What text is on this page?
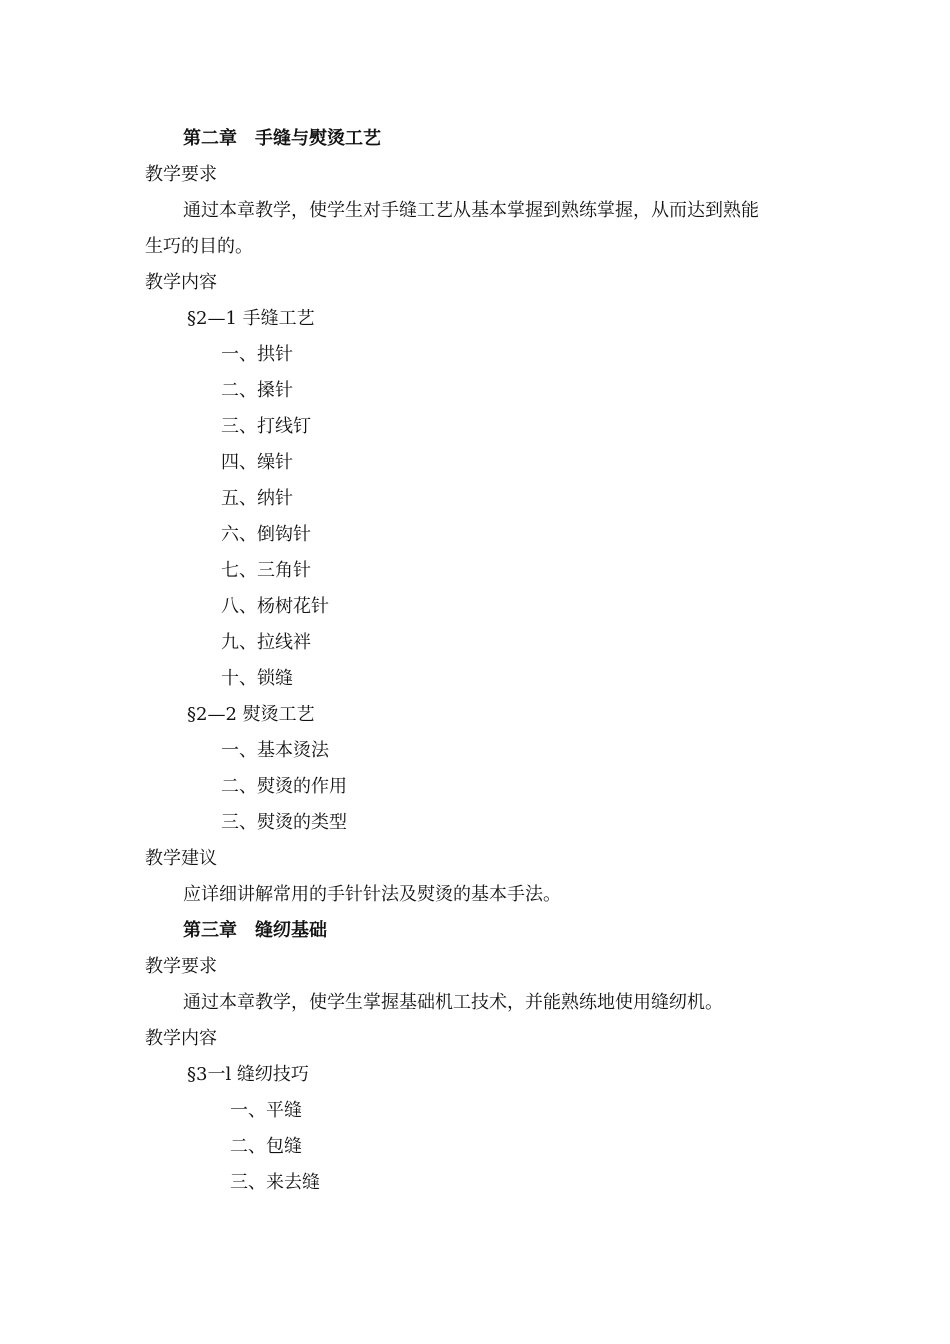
第二章　手缝与熨烫工艺
教学要求
通过本章教学，使学生对手缝工艺从基本掌握到熟练掌握，从而达到熟能
生巧的目的。
教学内容
§2—1 手缝工艺
一、拱针
二、搡针
三、打线钉
四、缲针
五、纳针
六、倒钩针
七、三角针
八、杨树花针
九、拉线袢
十、锁缝
§2—2 熨烫工艺
一、基本烫法
二、熨烫的作用
三、熨烫的类型
教学建议
应详细讲解常用的手针针法及熨烫的基本手法。
第三章　缝纫基础
教学要求
通过本章教学，使学生掌握基础机工技术，并能熟练地使用缝纫机。
教学内容
§3一l 缝纫技巧
一、平缝
二、包缝
三、来去缝
